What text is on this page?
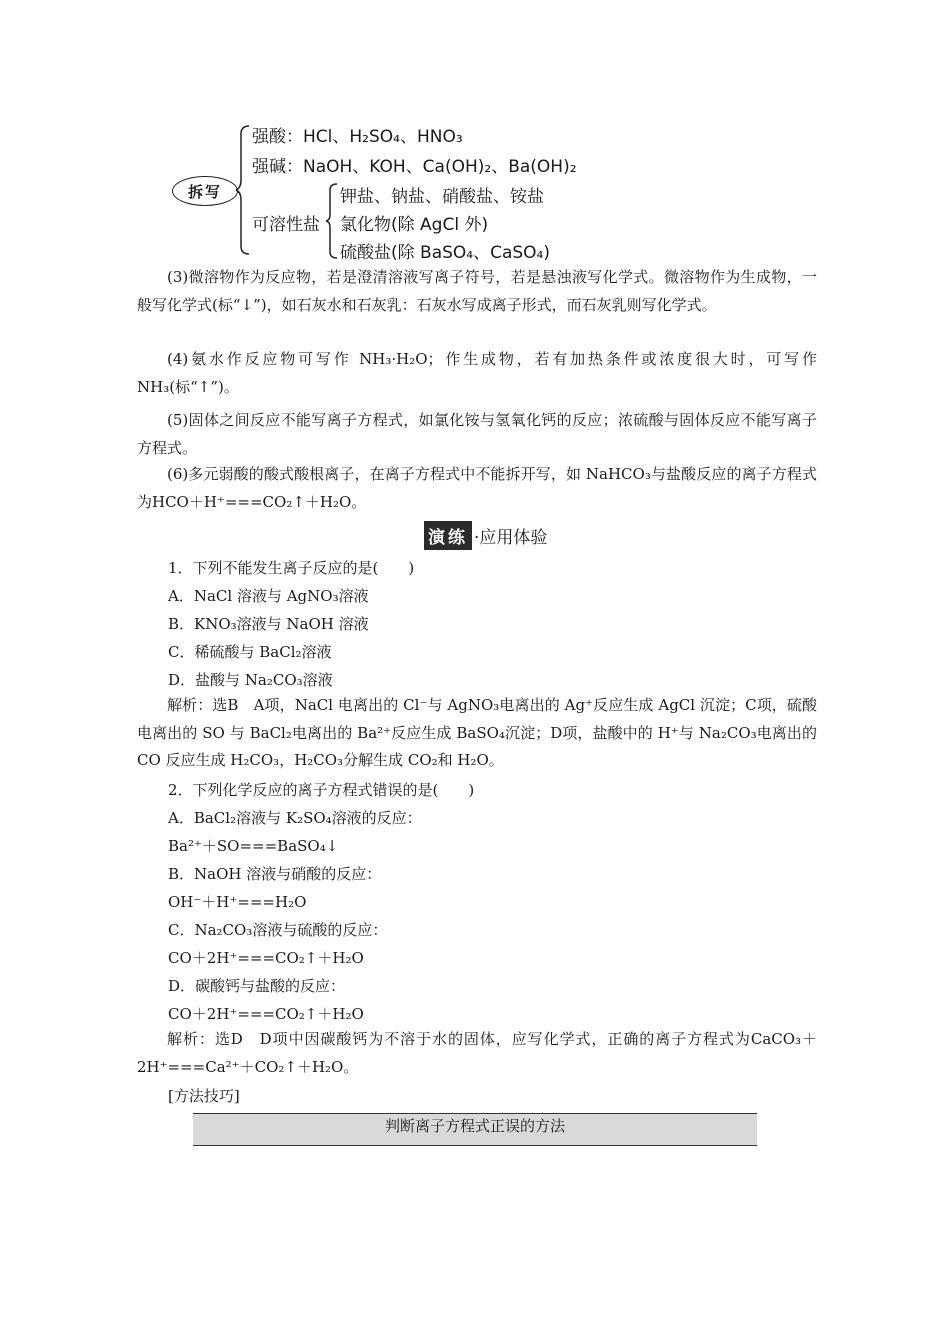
拆写
强酸：HCl、H₂SO₄、HNO₃
强碱：NaOH、KOH、Ca(OH)₂、Ba(OH)₂
可溶性盐
钾盐、钠盐、硝酸盐、铵盐
氯化物(除 AgCl 外)
硫酸盐(除 BaSO₄、CaSO₄)
(3)微溶物作为反应物，若是澄清溶液写离子符号，若是悬浊液写化学式。微溶物作为生成物，一般写化学式(标“↓”)，如石灰水和石灰乳：石灰水写成离子形式，而石灰乳则写化学式。
(4)氨水作反应物可写作 NH₃·H₂O；作生成物，若有加热条件或浓度很大时，可写作NH₃(标“↑”)。
(5)固体之间反应不能写离子方程式，如氯化铵与氢氧化钙的反应；浓硫酸与固体反应不能写离子方程式。
(6)多元弱酸的酸式酸根离子，在离子方程式中不能拆开写，如 NaHCO₃与盐酸反应的离子方程式为HCO＋H⁺===CO₂↑＋H₂O。
演练 ·应用体验
1．下列不能发生离子反应的是(　　)
A．NaCl 溶液与 AgNO₃溶液
B．KNO₃溶液与 NaOH 溶液
C．稀硫酸与 BaCl₂溶液
D．盐酸与 Na₂CO₃溶液
解析：选B　A项，NaCl 电离出的 Cl⁻与 AgNO₃电离出的 Ag⁺反应生成 AgCl 沉淀；C项，硫酸电离出的 SO 与 BaCl₂电离出的 Ba²⁺反应生成 BaSO₄沉淀；D项，盐酸中的 H⁺与 Na₂CO₃电离出的 CO 反应生成 H₂CO₃，H₂CO₃分解生成 CO₂和 H₂O。
2．下列化学反应的离子方程式错误的是(　　)
A．BaCl₂溶液与 K₂SO₄溶液的反应：
Ba²⁺＋SO===BaSO₄↓
B．NaOH 溶液与硝酸的反应：
OH⁻＋H⁺===H₂O
C．Na₂CO₃溶液与硫酸的反应：
CO＋2H⁺===CO₂↑＋H₂O
D．碳酸钙与盐酸的反应：
CO＋2H⁺===CO₂↑＋H₂O
解析：选D　D项中因碳酸钙为不溶于水的固体，应写化学式，正确的离子方程式为CaCO₃＋2H⁺===Ca²⁺＋CO₂↑＋H₂O。
[方法技巧]
判断离子方程式正误的方法
